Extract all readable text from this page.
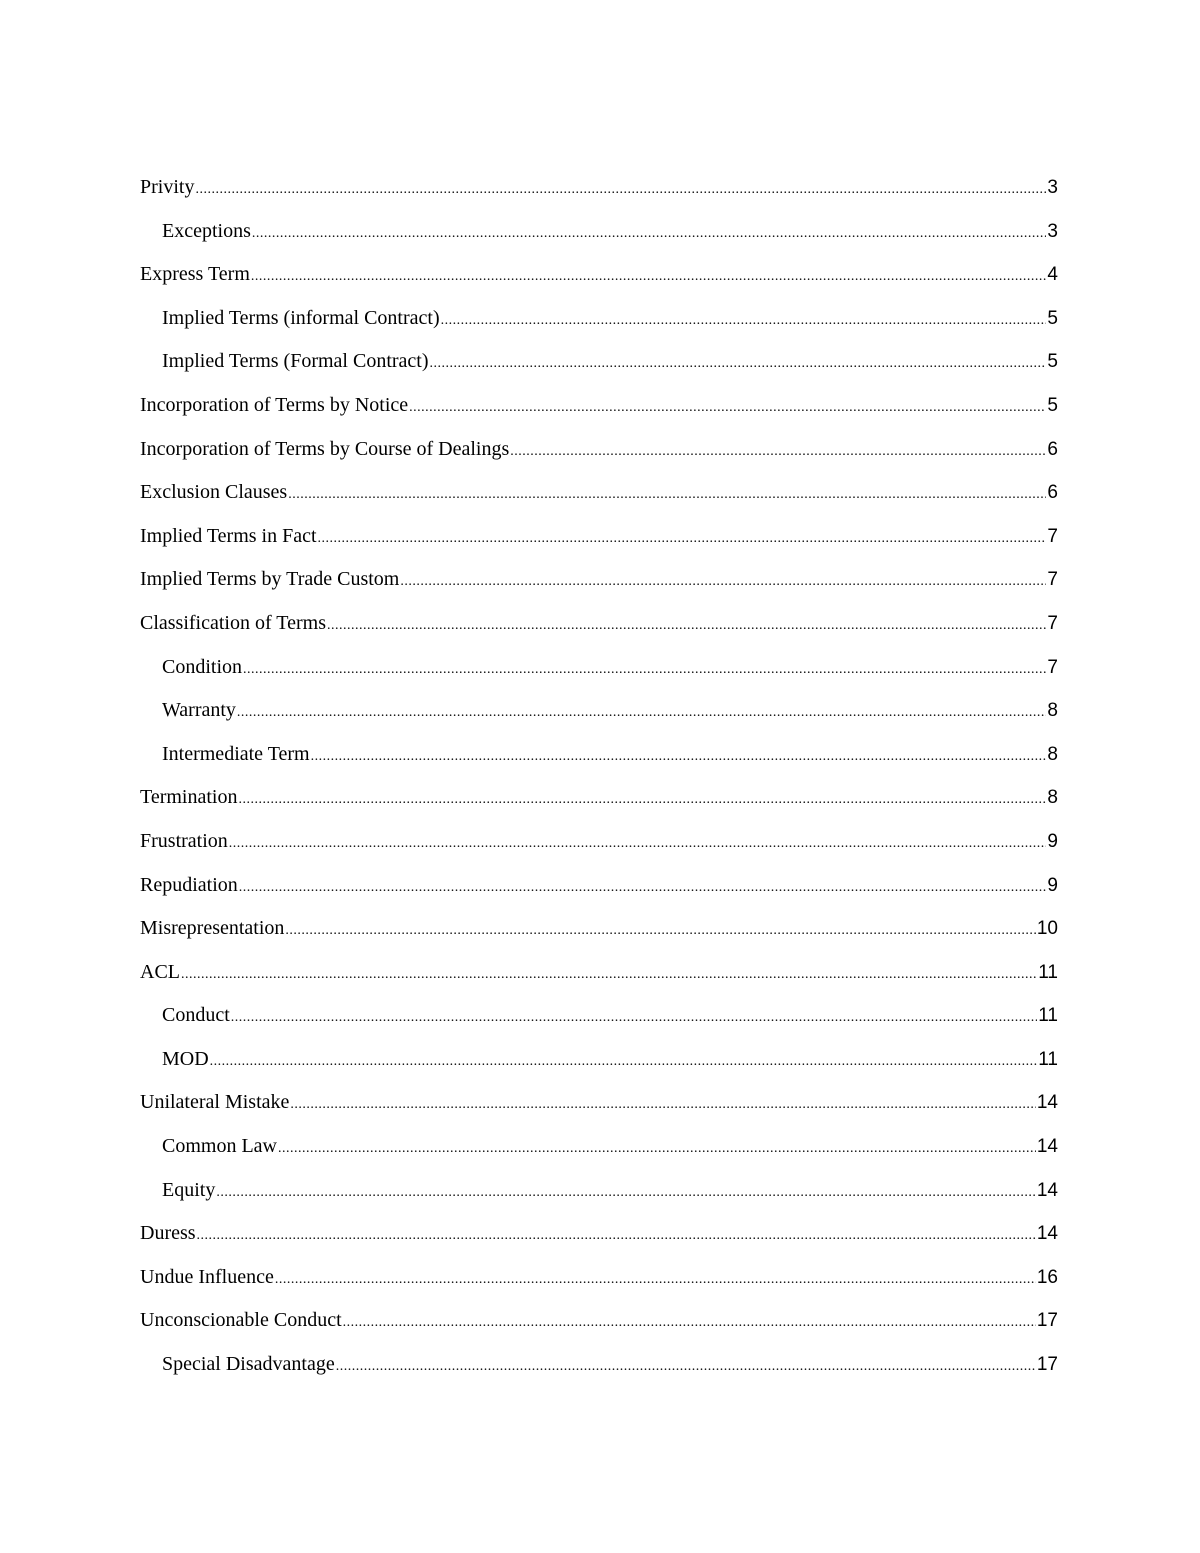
Privity .....	3
Exceptions .....	3
Express Term .....	4
Implied Terms (informal Contract) .....	5
Implied Terms (Formal Contract) .....	5
Incorporation of Terms by Notice .....	5
Incorporation of Terms by Course of Dealings .....	6
Exclusion Clauses .....	6
Implied Terms in Fact .....	7
Implied Terms by Trade Custom .....	7
Classification of Terms .....	7
Condition .....	7
Warranty .....	8
Intermediate Term .....	8
Termination .....	8
Frustration .....	9
Repudiation .....	9
Misrepresentation .....	10
ACL .....	11
Conduct .....	11
MOD .....	11
Unilateral Mistake .....	14
Common Law .....	14
Equity .....	14
Duress .....	14
Undue Influence .....	16
Unconscionable Conduct .....	17
Special Disadvantage .....	17
